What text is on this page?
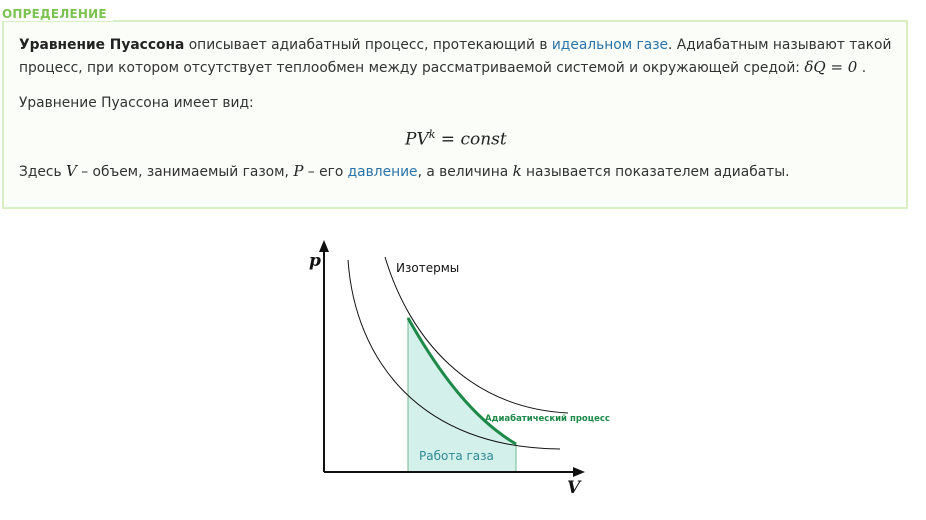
ОПРЕДЕЛЕНИЕ
Уравнение Пуассона описывает адиабатный процесс, протекающий в идеальном газе. Адиабатным называют такой процесс, при котором отсутствует теплообмен между рассматриваемой системой и окружающей средой: δQ = 0 .
Уравнение Пуассона имеет вид:
$PV^k$ = const
Здесь V – объем, занимаемый газом, P – его давление, а величина k называется показателем адиабаты.
p
V
Изотермы
Адиабатический процесс
Работа газа
